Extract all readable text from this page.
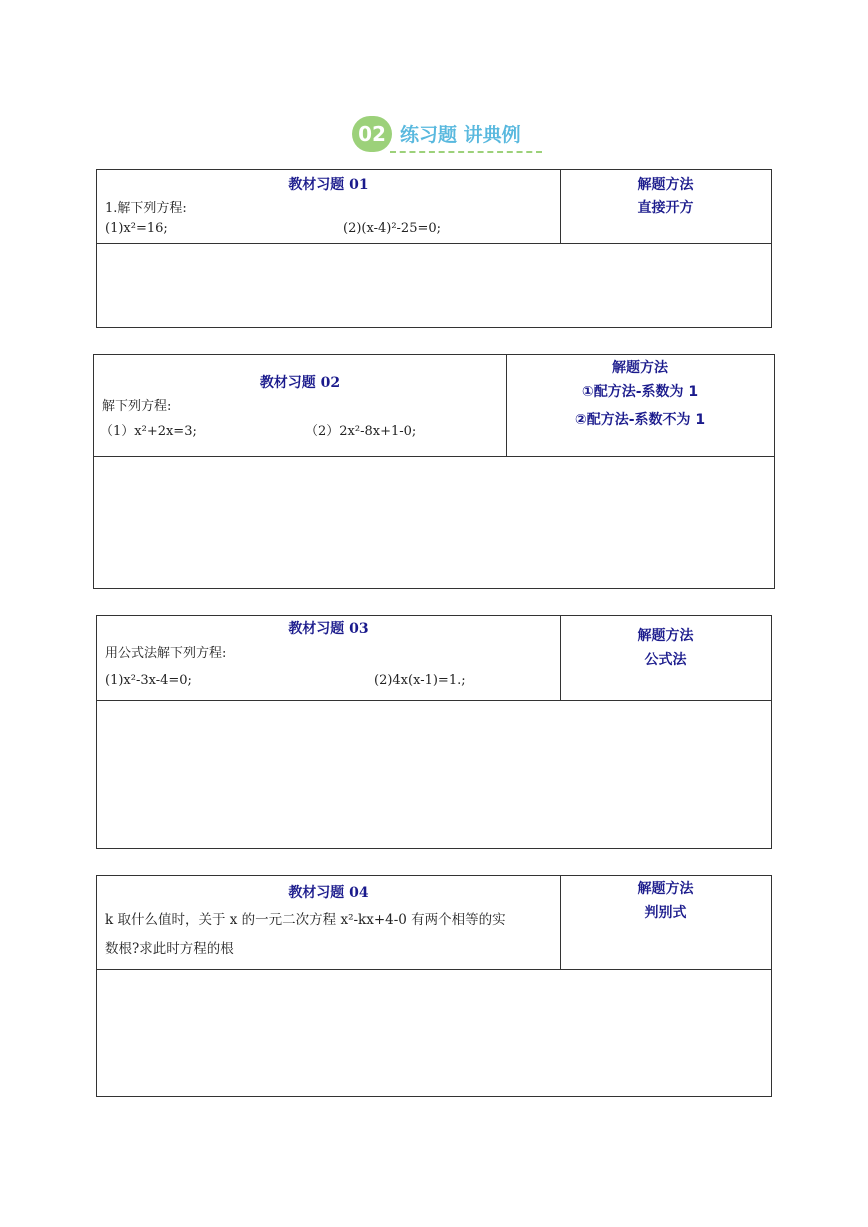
02 练习题 讲典例
教材习题 01
1.解下列方程:
(1)x²=16;	(2)(x-4)²-25=0;
解题方法
直接开方
教材习题 02
解下列方程:
（1）x²+2x=3;	（2）2x²-8x+1-0;
解题方法
①配方法-系数为 1
②配方法-系数不为 1
教材习题 03
用公式法解下列方程:
(1)x²-3x-4=0;	(2)4x(x-1)=1.;
解题方法
公式法
教材习题 04
k 取什么值时，关于 x 的一元二次方程 x²-kx+4-0 有两个相等的实
数根?求此时方程的根
解题方法
判别式
